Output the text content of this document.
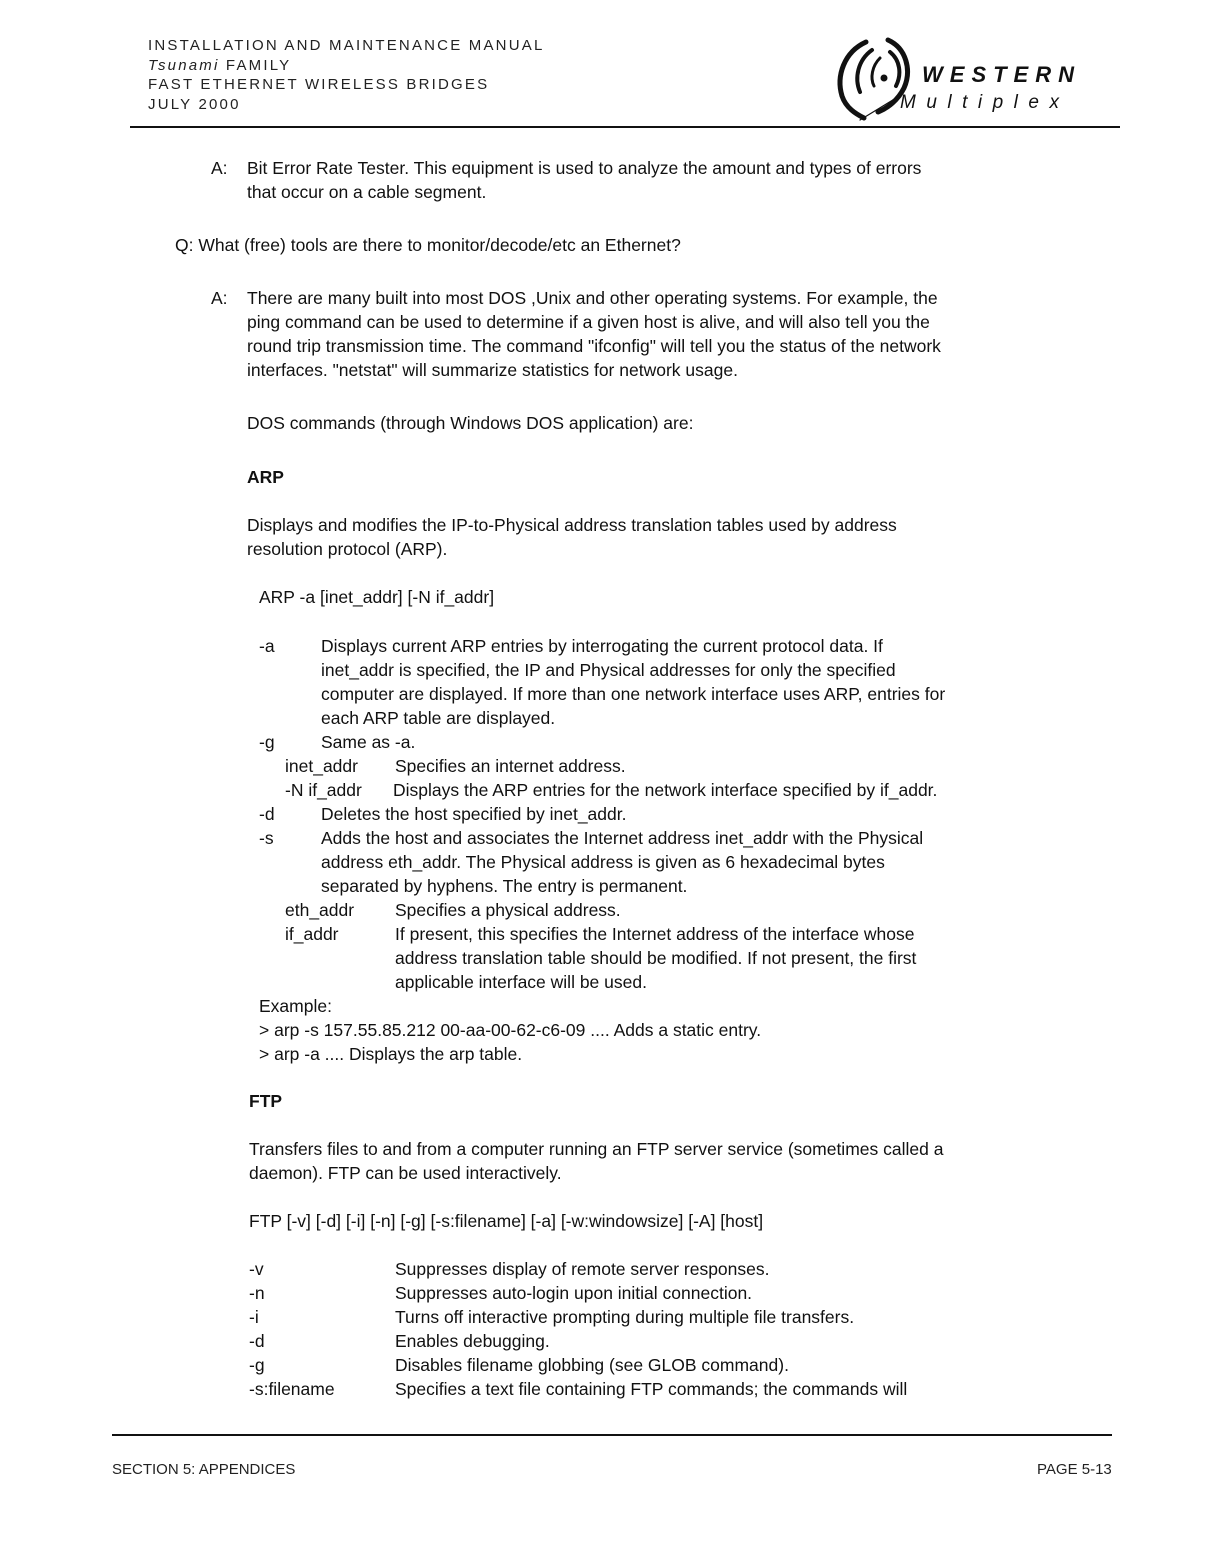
INSTALLATION AND MAINTENANCE MANUAL
Tsunami FAMILY
FAST ETHERNET WIRELESS BRIDGES
JULY 2000
WESTERN
Multiplex
A: Bit Error Rate Tester. This equipment is used to analyze the amount and types of errors
that occur on a cable segment.
Q: What (free) tools are there to monitor/decode/etc an Ethernet?
A: There are many built into most DOS ,Unix and other operating systems. For example, the
ping command can be used to determine if a given host is alive, and will also tell you the
round trip transmission time. The command "ifconfig" will tell you the status of the network
interfaces. "netstat" will summarize statistics for network usage.
DOS commands (through Windows DOS application) are:
ARP
Displays and modifies the IP-to-Physical address translation tables used by address
resolution protocol (ARP).
ARP -a [inet_addr] [-N if_addr]
-a	Displays current ARP entries by interrogating the current protocol data. If
inet_addr is specified, the IP and Physical addresses for only the specified
computer are displayed. If more than one network interface uses ARP, entries for
each ARP table are displayed.
-g	Same as -a.
inet_addr Specifies an internet address.
-N if_addr Displays the ARP entries for the network interface specified by if_addr.
-d	Deletes the host specified by inet_addr.
-s	Adds the host and associates the Internet address inet_addr with the Physical
address eth_addr. The Physical address is given as 6 hexadecimal bytes
separated by hyphens. The entry is permanent.
eth_addr Specifies a physical address.
if_addr	If present, this specifies the Internet address of the interface whose
address translation table should be modified. If not present, the first
applicable interface will be used.
Example:
> arp -s 157.55.85.212 00-aa-00-62-c6-09 .... Adds a static entry.
> arp -a .... Displays the arp table.
FTP
Transfers files to and from a computer running an FTP server service (sometimes called a
daemon). FTP can be used interactively.
FTP [-v] [-d] [-i] [-n] [-g] [-s:filename] [-a] [-w:windowsize] [-A] [host]
-v	Suppresses display of remote server responses.
-n	Suppresses auto-login upon initial connection.
-i	Turns off interactive prompting during multiple file transfers.
-d	Enables debugging.
-g	Disables filename globbing (see GLOB command).
-s:filename	Specifies a text file containing FTP commands; the commands will
SECTION 5: APPENDICES	PAGE 5-13
